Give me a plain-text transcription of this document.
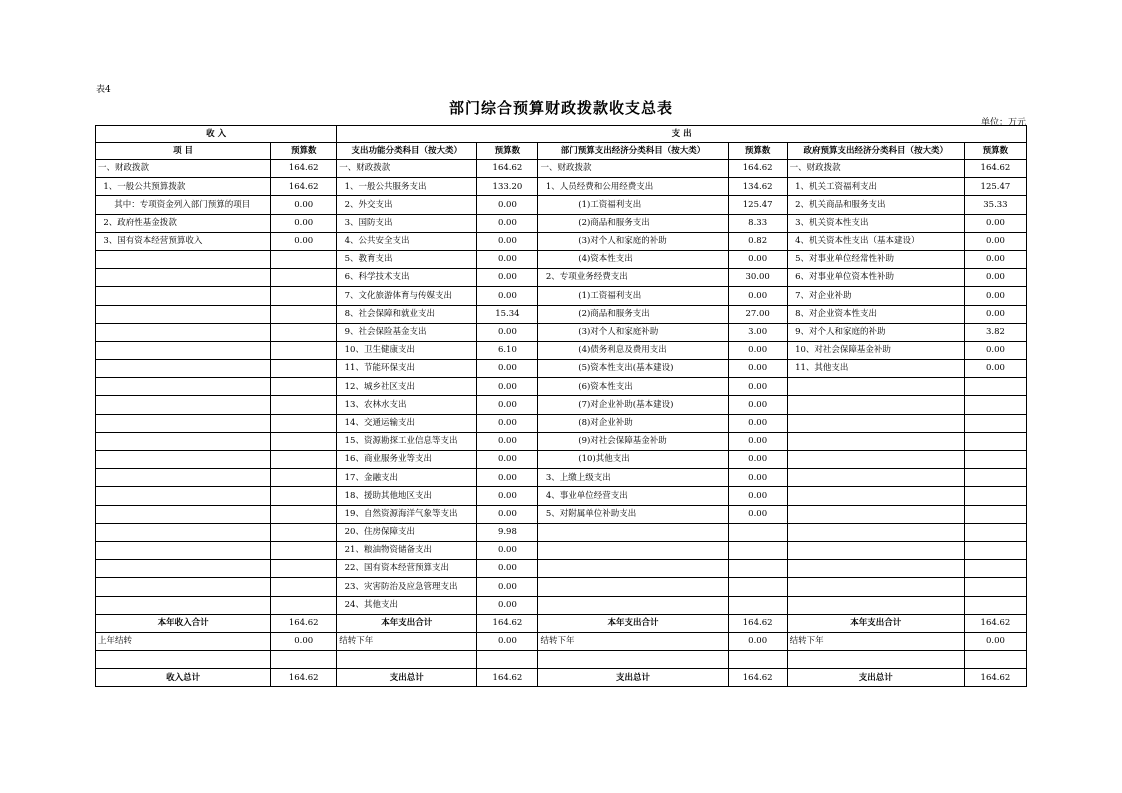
表4
部门综合预算财政拨款收支总表
单位：万元
收 入		支 出					
项 目	预算数	支出功能分类科目（按大类）	预算数	部门预算支出经济分类科目（按大类）	预算数	政府预算支出经济分类科目（按大类）	预算数
一、财政拨款	164.62	一、财政拨款	164.62	一、财政拨款	164.62	一、财政拨款	164.62
1、一般公共预算拨款	164.62	1、一般公共服务支出	133.20	1、人员经费和公用经费支出	134.62	1、机关工资福利支出	125.47
其中：专项资金列入部门预算的项目	0.00	2、外交支出	0.00	(1)工资福利支出	125.47	2、机关商品和服务支出	35.33
2、政府性基金拨款	0.00	3、国防支出	0.00	(2)商品和服务支出	8.33	3、机关资本性支出	0.00
3、国有资本经营预算收入	0.00	4、公共安全支出	0.00	(3)对个人和家庭的补助	0.82	4、机关资本性支出（基本建设）	0.00
		5、教育支出	0.00	(4)资本性支出	0.00	5、对事业单位经常性补助	0.00
		6、科学技术支出	0.00	2、专项业务经费支出	30.00	6、对事业单位资本性补助	0.00
		7、文化旅游体育与传媒支出	0.00	(1)工资福利支出	0.00	7、对企业补助	0.00
		8、社会保障和就业支出	15.34	(2)商品和服务支出	27.00	8、对企业资本性支出	0.00
		9、社会保险基金支出	0.00	(3)对个人和家庭补助	3.00	9、对个人和家庭的补助	3.82
		10、卫生健康支出	6.10	(4)债务利息及费用支出	0.00	10、对社会保障基金补助	0.00
		11、节能环保支出	0.00	(5)资本性支出(基本建设)	0.00	11、其他支出	0.00
		12、城乡社区支出	0.00	(6)资本性支出	0.00		
		13、农林水支出	0.00	(7)对企业补助(基本建设)	0.00		
		14、交通运输支出	0.00	(8)对企业补助	0.00		
		15、资源勘探工业信息等支出	0.00	(9)对社会保障基金补助	0.00		
		16、商业服务业等支出	0.00	(10)其他支出	0.00		
		17、金融支出	0.00	3、上缴上级支出	0.00		
		18、援助其他地区支出	0.00	4、事业单位经营支出	0.00		
		19、自然资源海洋气象等支出	0.00	5、对附属单位补助支出	0.00		
		20、住房保障支出	9.98				
		21、粮油物资储备支出	0.00				
		22、国有资本经营预算支出	0.00				
		23、灾害防治及应急管理支出	0.00				
		24、其他支出	0.00				
本年收入合计	164.62	本年支出合计	164.62	本年支出合计	164.62	本年支出合计	164.62
上年结转	0.00	结转下年	0.00	结转下年	0.00	结转下年	0.00

收入总计	164.62	支出总计	164.62	支出总计	164.62	支出总计	164.62
